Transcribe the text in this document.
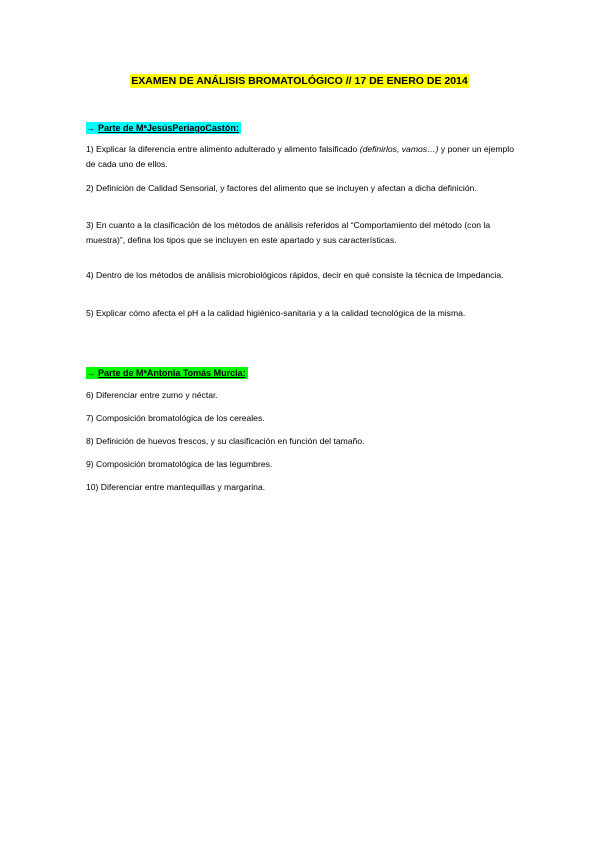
EXAMEN DE ANÁLISIS BROMATOLÓGICO // 17 DE ENERO DE 2014
→ Parte de MªJesúsPeriagoCastón:

1) Explicar la diferencia entre alimento adulterado y alimento falsificado (definirlos, vamos…) y poner un ejemplo de cada uno de ellos.

2) Definición de Calidad Sensorial, y factores del alimento que se incluyen y afectan a dicha definición.

3) En cuanto a la clasificación de los métodos de análisis referidos al “Comportamiento del método (con la muestra)”, defina los tipos que se incluyen en este apartado y sus características.

4) Dentro de los métodos de análisis microbiológicos rápidos, decir en qué consiste la técnica de Impedancia.

5) Explicar cómo afecta el pH a la calidad higiénico-sanitaria y a la calidad tecnológica de la misma.

→ Parte de MªAntonia Tomás Murcia:

6) Diferenciar entre zumo y néctar.

7) Composición bromatológica de los cereales.

8) Definición de huevos frescos, y su clasificación en función del tamaño.

9) Composición bromatológica de las legumbres.

10) Diferenciar entre mantequillas y margarina.
